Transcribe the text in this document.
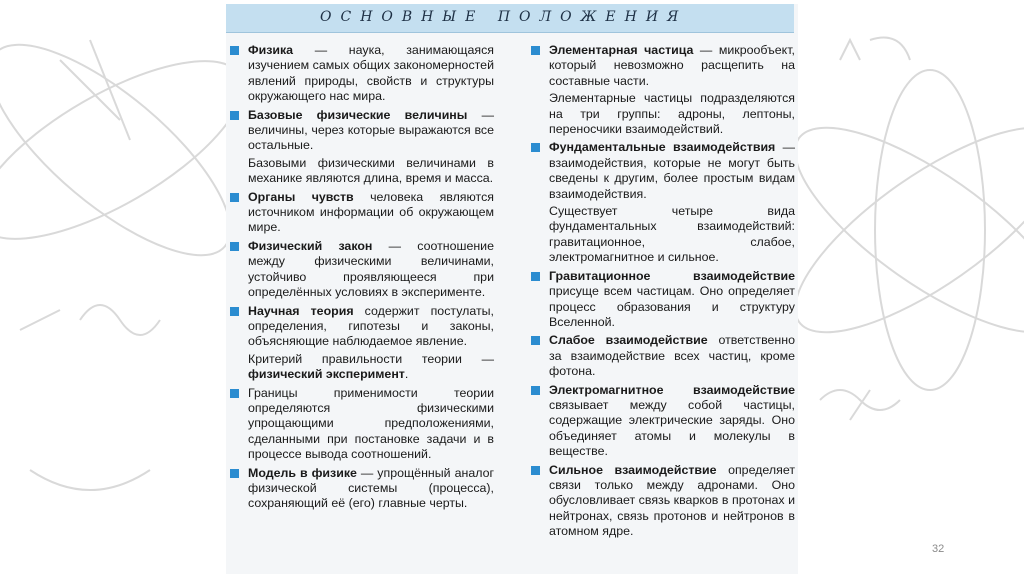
ОСНОВНЫЕ ПОЛОЖЕНИЯ

Физика — наука, занимающаяся изучением самых общих закономерностей явлений природы, свойств и структуры окружающего нас мира.

Базовые физические величины — величины, через которые выражаются все остальные.

Базовыми физическими величинами в механике являются длина, время и масса.

Органы чувств человека являются источником информации об окружающем мире.

Физический закон — соотношение между физическими величинами, устойчиво проявляющееся при определённых условиях в эксперименте.

Научная теория содержит постулаты, определения, гипотезы и законы, объясняющие наблюдаемое явление.

Критерий правильности теории — физический эксперимент.

Границы применимости теории определяются физическими упрощающими предположениями, сделанными при постановке задачи и в процессе вывода соотношений.

Модель в физике — упрощённый аналог физической системы (процесса), сохраняющий её (его) главные черты.

Элементарная частица — микрообъект, который невозможно расщепить на составные части.

Элементарные частицы подразделяются на три группы: адроны, лептоны, переносчики взаимодействий.

Фундаментальные взаимодействия — взаимодействия, которые не могут быть сведены к другим, более простым видам взаимодействия.

Существует четыре вида фундаментальных взаимодействий: гравитационное, слабое, электромагнитное и сильное.

Гравитационное взаимодействие присуще всем частицам. Оно определяет процесс образования и структуру Вселенной.

Слабое взаимодействие ответственно за взаимодействие всех частиц, кроме фотона.

Электромагнитное взаимодействие связывает между собой частицы, содержащие электрические заряды. Оно объединяет атомы и молекулы в веществе.

Сильное взаимодействие определяет связи только между адронами. Оно обусловливает связь кварков в протонах и нейтронах, связь протонов и нейтронов в атомном ядре.

32
